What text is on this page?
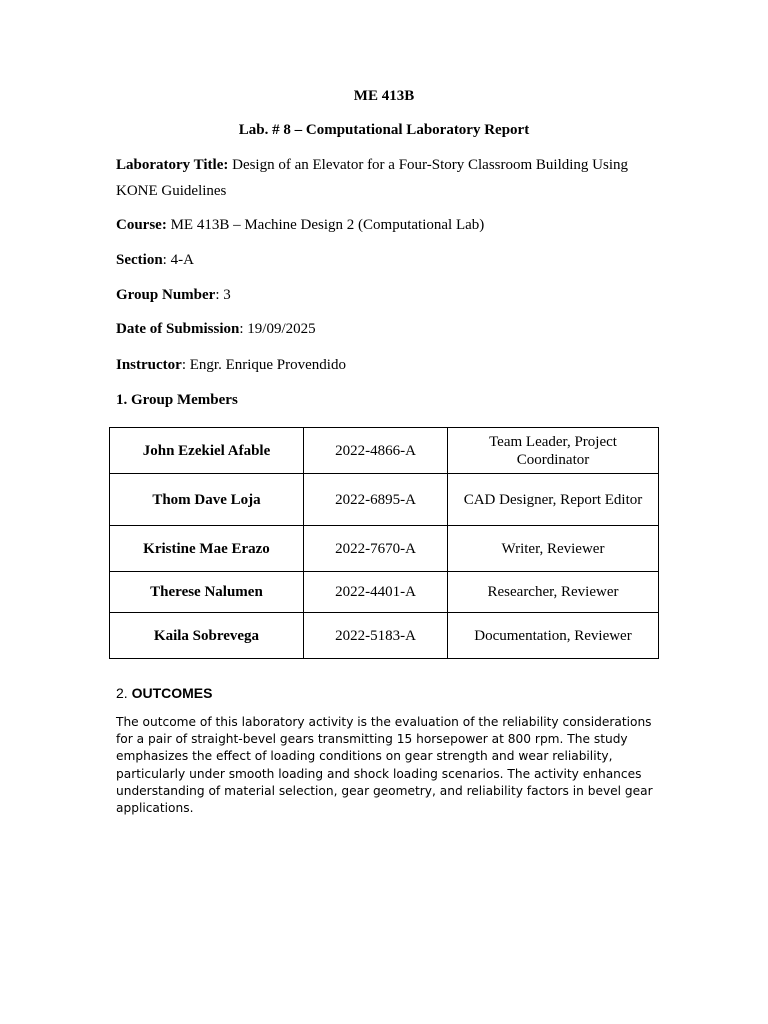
ME 413B
Lab. # 8 – Computational Laboratory Report
Laboratory Title: Design of an Elevator for a Four-Story Classroom Building Using KONE Guidelines
Course: ME 413B – Machine Design 2 (Computational Lab)
Section: 4-A
Group Number: 3
Date of Submission: 19/09/2025
Instructor: Engr. Enrique Provendido
1. Group Members
John Ezekiel Afable	2022-4866-A	Team Leader, Project Coordinator
Thom Dave Loja	2022-6895-A	CAD Designer, Report Editor
Kristine Mae Erazo	2022-7670-A	Writer, Reviewer
Therese Nalumen	2022-4401-A	Researcher, Reviewer
Kaila Sobrevega	2022-5183-A	Documentation, Reviewer
2. OUTCOMES
The outcome of this laboratory activity is the evaluation of the reliability considerations for a pair of straight-bevel gears transmitting 15 horsepower at 800 rpm. The study emphasizes the effect of loading conditions on gear strength and wear reliability, particularly under smooth loading and shock loading scenarios. The activity enhances understanding of material selection, gear geometry, and reliability factors in bevel gear applications.
